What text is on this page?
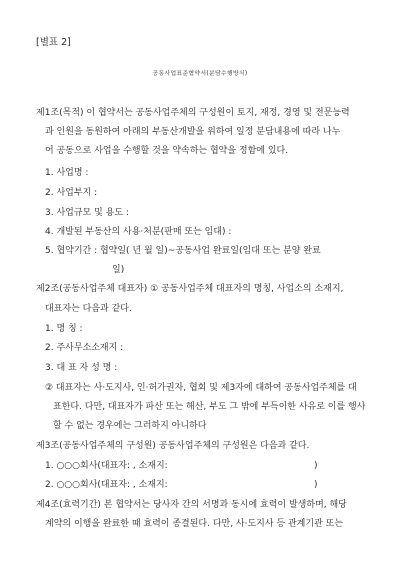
[별표 2]
공동사업표준협약서(분담수행방식)
제1조(목적) 이 협약서는 공동사업주체의 구성원이 토지, 재정, 경영 및 전문능력
과 인원을 동원하여 아래의 부동산개발을 위하여 일정 분담내용에 따라 나누
어 공동으로 사업을 수행할 것을 약속하는 협약을 정함에 있다.
1. 사업명 :
2. 사업부지 :
3. 사업규모 및 용도 :
4. 개발된 부동산의 사용·처분(판매 또는 임대) :
5. 협약기간 : 협약일( 년 월 일)~공동사업 완료일(임대 또는 분양 완료
일)
제2조(공동사업주체 대표자) ① 공동사업주체 대표자의 명칭, 사업소의 소재지,
대표자는 다음과 같다.
1. 명 칭 :
2. 주사무소소재지 :
3. 대 표 자 성 명 :
② 대표자는 사·도지사, 인·허가권자, 협회 및 제3자에 대하여 공동사업주체를 대
표한다. 다만, 대표자가 파산 또는 해산, 부도 그 밖에 부득이한 사유로 이를 행사
할 수 없는 경우에는 그러하지 아니하다
제3조(공동사업주체의 구성원) 공동사업주체의 구성원은 다음과 같다.
1. ○○○회사(대표자: , 소재지:	)
2. ○○○회사(대표자: , 소재지:	)
제4조(효력기간) 본 협약서는 당사자 간의 서명과 동시에 효력이 발생하며, 해당
계약의 이행을 완료한 때 효력이 종결된다. 다만, 사·도지사 등 관계기관 또는
